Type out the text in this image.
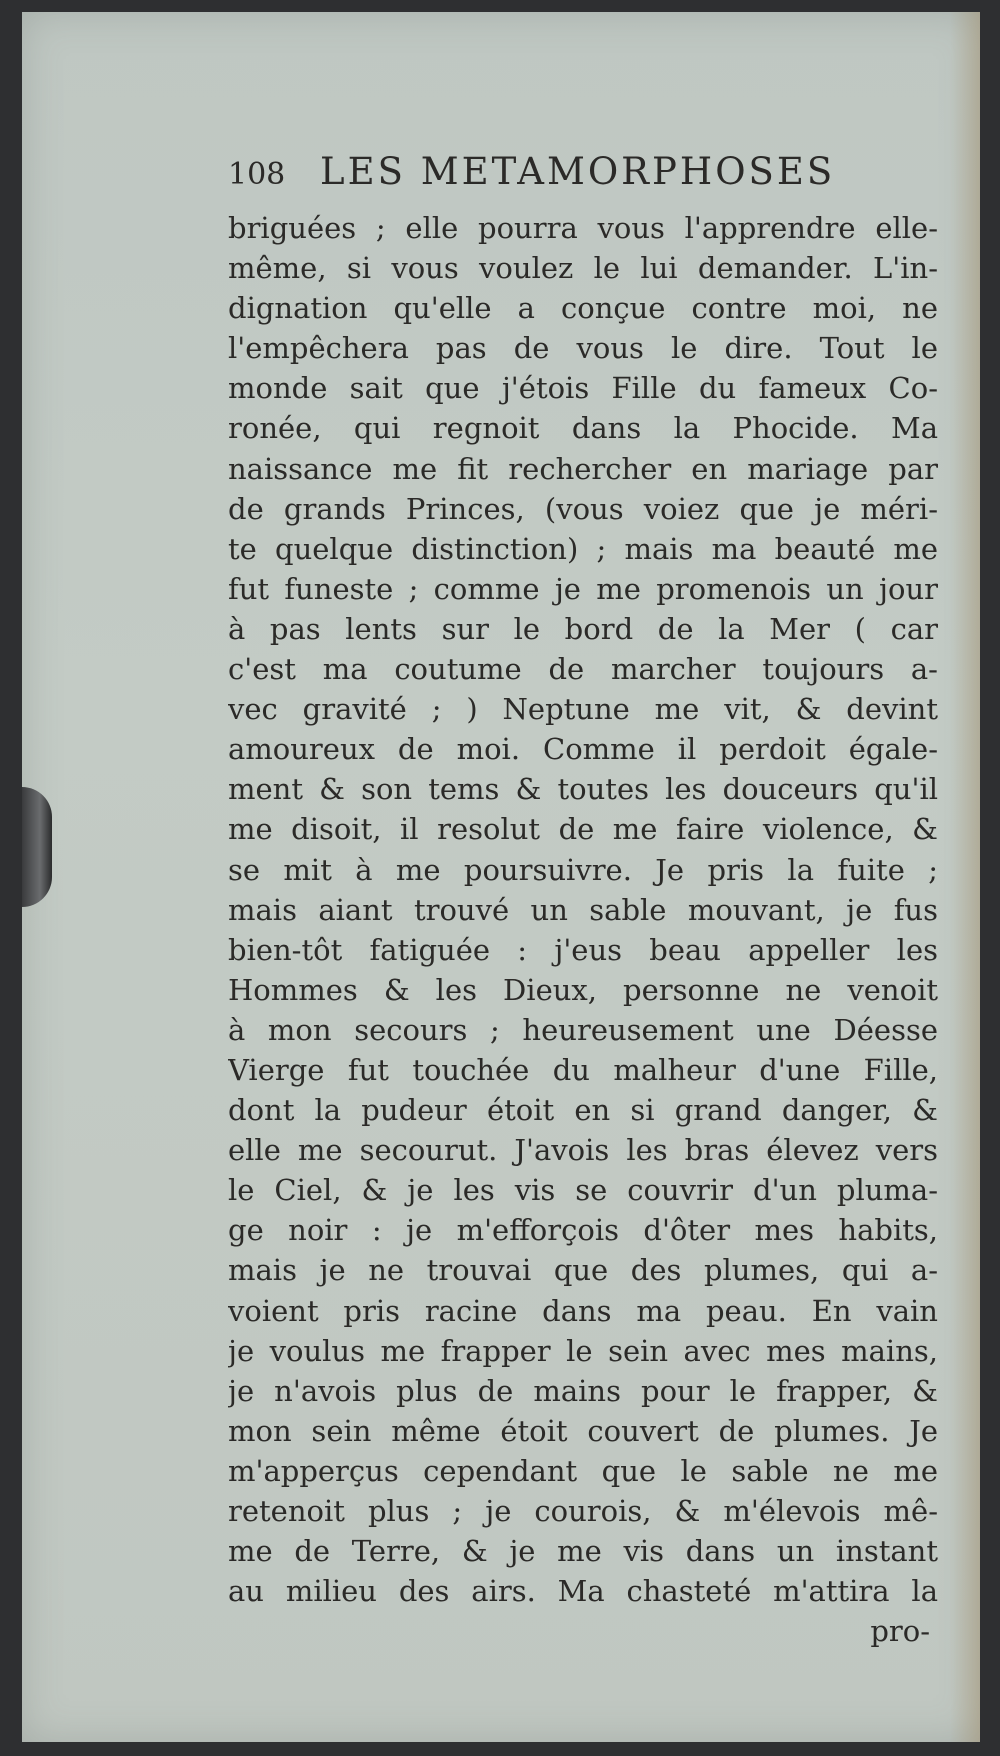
108 LES METAMORPHOSES
briguées ; elle pourra vous l'apprendre elle-
même, si vous voulez le lui demander. L'in-
dignation qu'elle a conçue contre moi, ne
l'empêchera pas de vous le dire. Tout le
monde sait que j'étois Fille du fameux Co-
ronée, qui regnoit dans la Phocide. Ma
naissance me fit rechercher en mariage par
de grands Princes, (vous voiez que je méri-
te quelque distinction) ; mais ma beauté me
fut funeste ; comme je me promenois un jour
à pas lents sur le bord de la Mer ( car
c'est ma coutume de marcher toujours a-
vec gravité ; ) Neptune me vit, & devint
amoureux de moi. Comme il perdoit égale-
ment & son tems & toutes les douceurs qu'il
me disoit, il resolut de me faire violence, &
se mit à me poursuivre. Je pris la fuite ;
mais aiant trouvé un sable mouvant, je fus
bien-tôt fatiguée : j'eus beau appeller les
Hommes & les Dieux, personne ne venoit
à mon secours ; heureusement une Déesse
Vierge fut touchée du malheur d'une Fille,
dont la pudeur étoit en si grand danger, &
elle me secourut. J'avois les bras élevez vers
le Ciel, & je les vis se couvrir d'un pluma-
ge noir : je m'efforçois d'ôter mes habits,
mais je ne trouvai que des plumes, qui a-
voient pris racine dans ma peau. En vain
je voulus me frapper le sein avec mes mains,
je n'avois plus de mains pour le frapper, &
mon sein même étoit couvert de plumes. Je
m'apperçus cependant que le sable ne me
retenoit plus ; je courois, & m'élevois mê-
me de Terre, & je me vis dans un instant
au milieu des airs. Ma chasteté m'attira la
pro-
